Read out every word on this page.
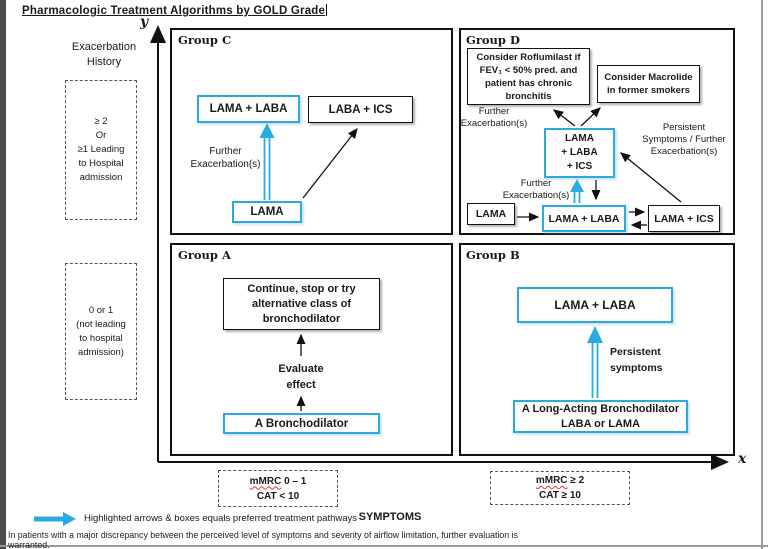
Pharmacologic Treatment Algorithms by GOLD Grade
y
x
Exacerbation
History
≥ 2
Or
≥1 Leading
to Hospital
admission
0 or 1
(not leading
to hospital
admission)
Group C	Group D
Group A	Group B
LAMA + LABA	LABA + ICS
LAMA
Further
Exacerbation(s)
Consider Roflumilast if
FEV₁ < 50% pred. and
patient has chronic
bronchitis
Consider Macrolide
in former smokers
LAMA
+ LABA
+ ICS
Further
Exacerbation(s)	Persistent
Symptoms / Further
Exacerbation(s)
Further
Exacerbation(s)
LAMA	LAMA + LABA	LAMA + ICS
Continue, stop or try
alternative class of
bronchodilator
Evaluate
effect
A Bronchodilator
LAMA + LABA
Persistent
symptoms
A Long-Acting Bronchodilator
LABA or LAMA
mMRC 0 – 1
CAT < 10
mMRC ≥ 2
CAT ≥ 10
SYMPTOMS
Highlighted arrows & boxes equals preferred treatment pathways
In patients with a major discrepancy between the perceived level of symptoms and severity of airflow limitation, further evaluation is warranted.
